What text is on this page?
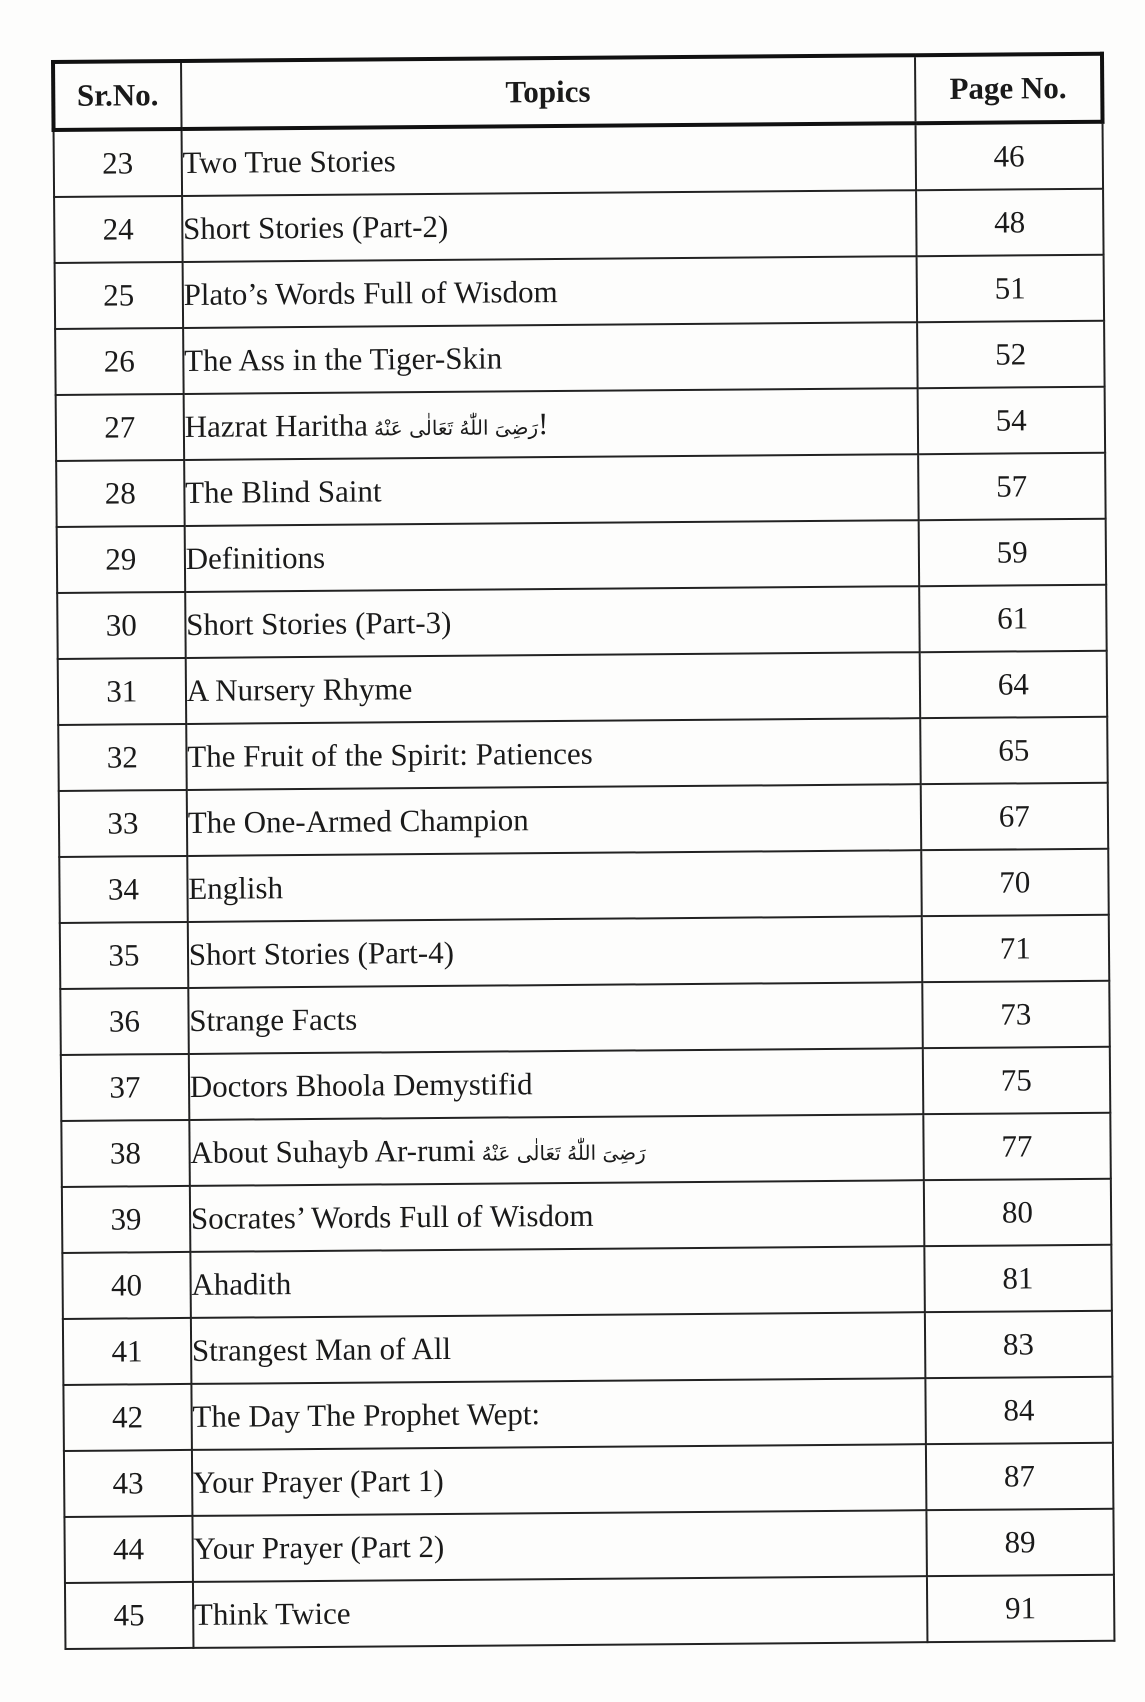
Sr.No.	Topics	Page No.
23	Two True Stories	46
24	Short Stories (Part-2)	48
25	Plato’s Words Full of Wisdom	51
26	The Ass in the Tiger-Skin	52
27	Hazrat Haritha رَضِىَ اللّٰهُ تَعَالٰى عَنْهُ!	54
28	The Blind Saint	57
29	Definitions	59
30	Short Stories (Part-3)	61
31	A Nursery Rhyme	64
32	The Fruit of the Spirit: Patiences	65
33	The One-Armed Champion	67
34	English	70
35	Short Stories (Part-4)	71
36	Strange Facts	73
37	Doctors Bhoola Demystifid	75
38	About Suhayb Ar-rumi رَضِىَ اللّٰهُ تَعَالٰى عَنْهُ	77
39	Socrates’ Words Full of Wisdom	80
40	Ahadith	81
41	Strangest Man of All	83
42	The Day The Prophet Wept:	84
43	Your Prayer (Part 1)	87
44	Your Prayer (Part 2)	89
45	Think Twice	91
